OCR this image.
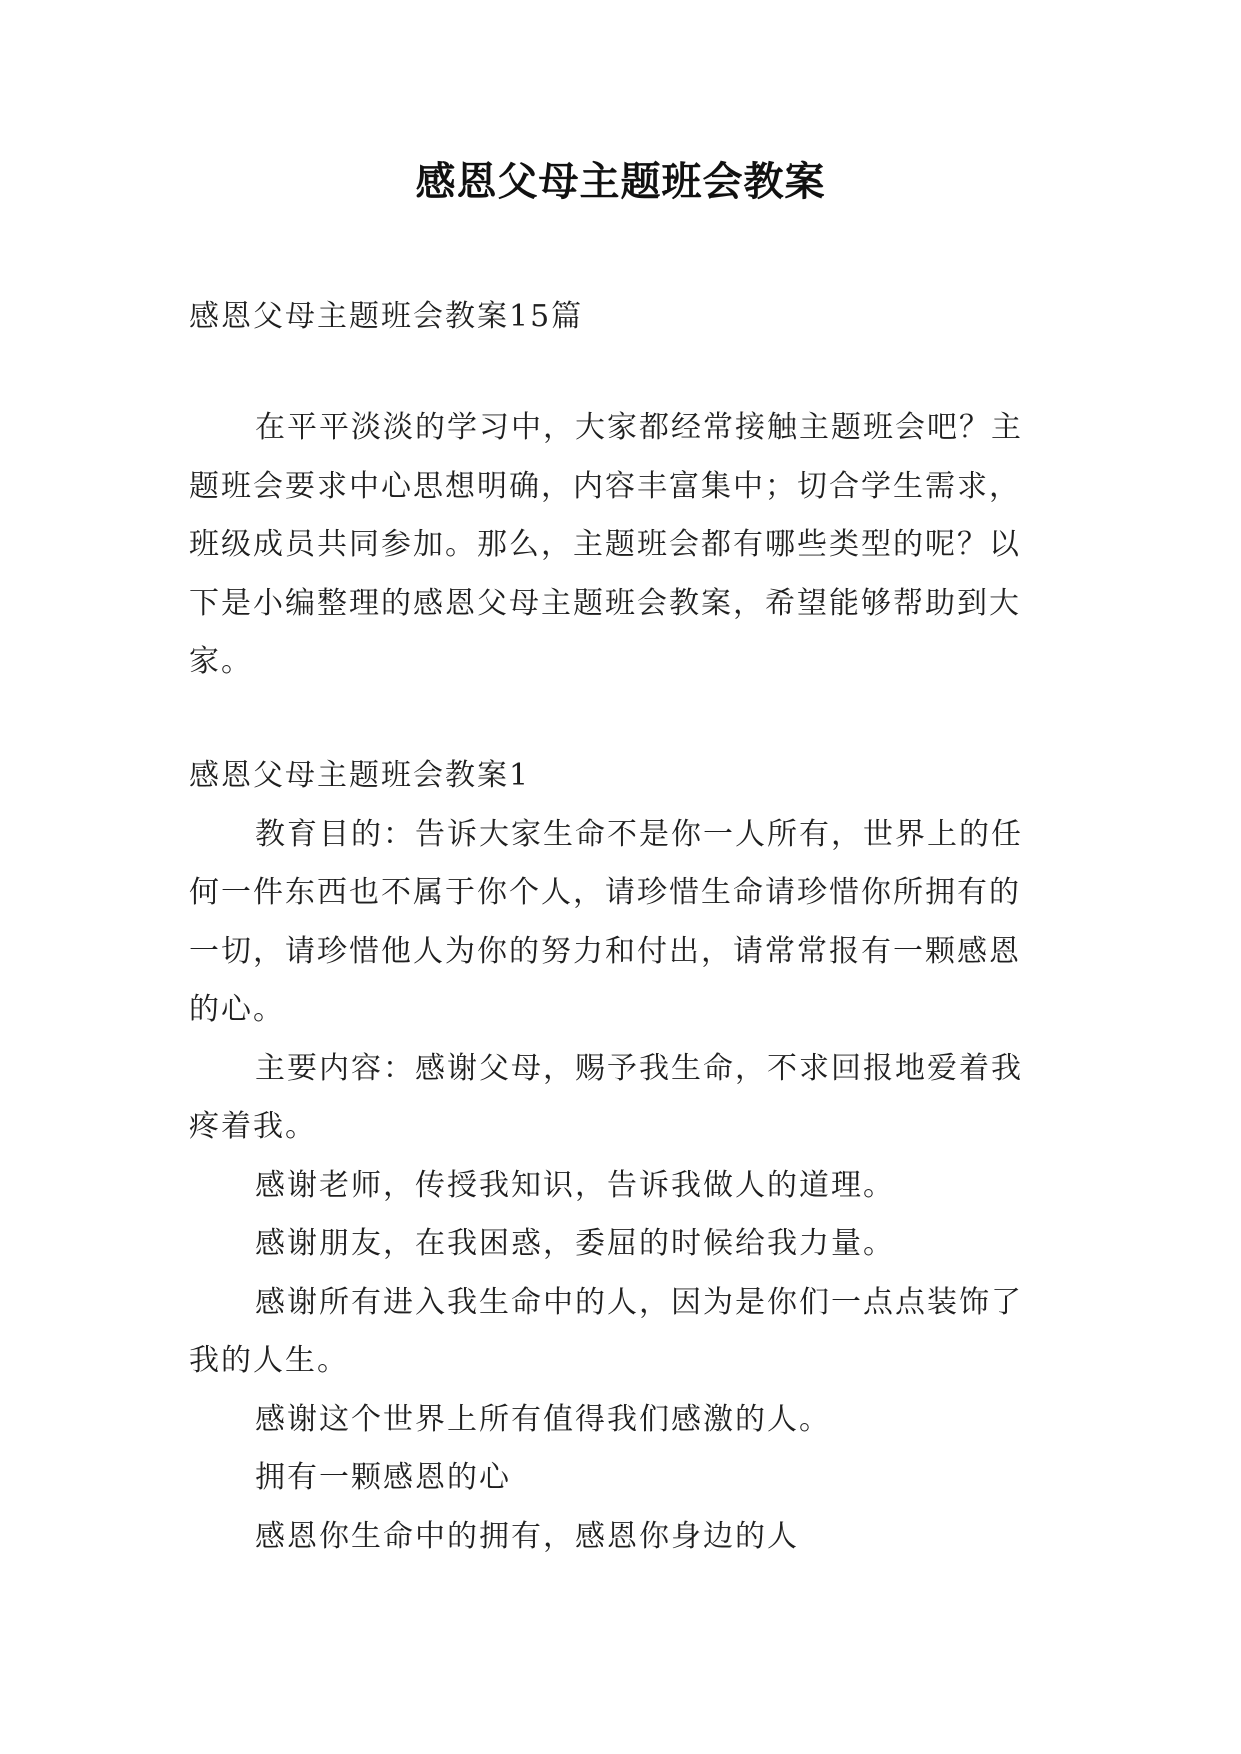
感恩父母主题班会教案
感恩父母主题班会教案15篇
在平平淡淡的学习中，大家都经常接触主题班会吧？主
题班会要求中心思想明确，内容丰富集中；切合学生需求，
班级成员共同参加。那么，主题班会都有哪些类型的呢？以
下是小编整理的感恩父母主题班会教案，希望能够帮助到大
家。
感恩父母主题班会教案1
教育目的：告诉大家生命不是你一人所有，世界上的任
何一件东西也不属于你个人，请珍惜生命请珍惜你所拥有的
一切，请珍惜他人为你的努力和付出，请常常报有一颗感恩
的心。
主要内容：感谢父母，赐予我生命，不求回报地爱着我
疼着我。
感谢老师，传授我知识，告诉我做人的道理。
感谢朋友，在我困惑，委屈的时候给我力量。
感谢所有进入我生命中的人，因为是你们一点点装饰了
我的人生。
感谢这个世界上所有值得我们感激的人。
拥有一颗感恩的心
感恩你生命中的拥有，感恩你身边的人
